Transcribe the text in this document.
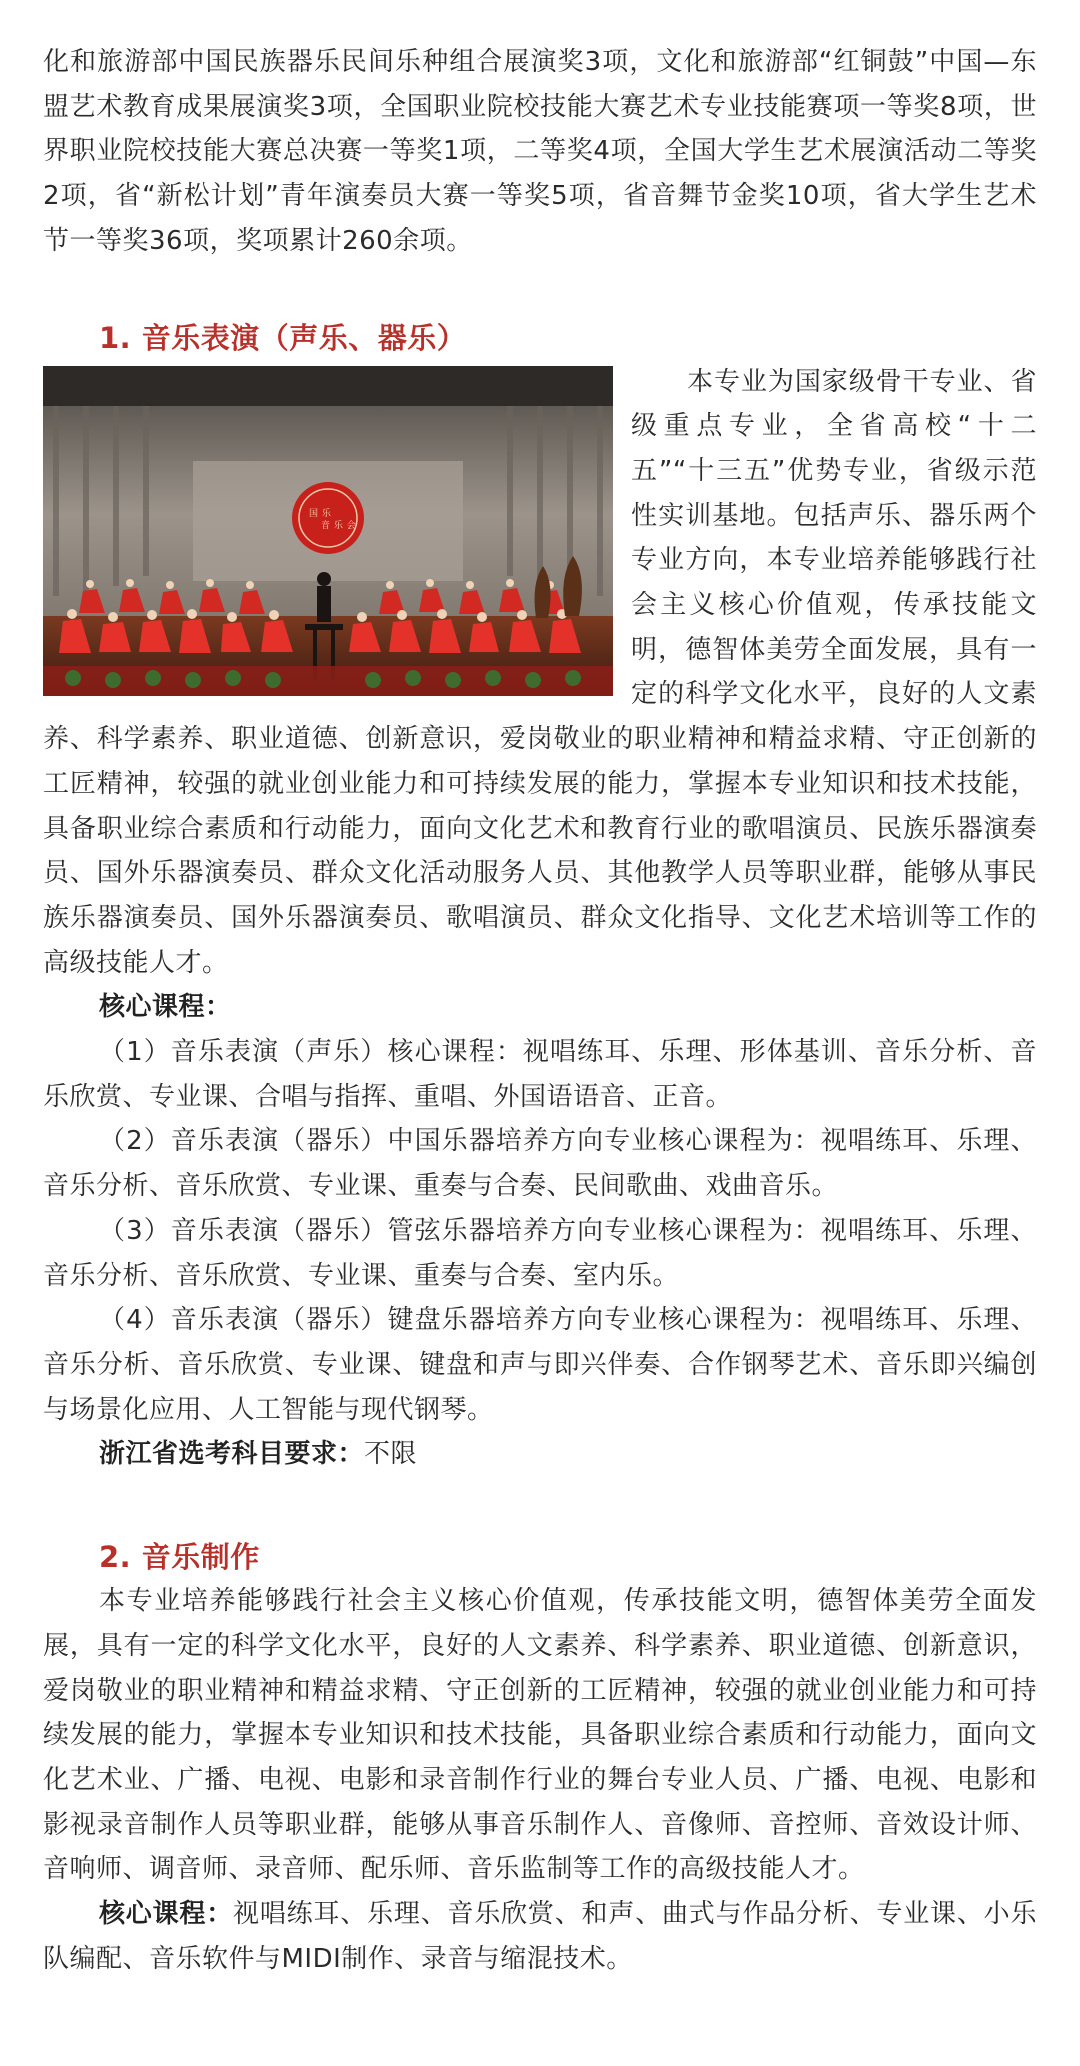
化和旅游部中国民族器乐民间乐种组合展演奖3项，文化和旅游部“红铜鼓”中国—东盟艺术教育成果展演奖3项，全国职业院校技能大赛艺术专业技能赛项一等奖8项，世界职业院校技能大赛总决赛一等奖1项，二等奖4项，全国大学生艺术展演活动二等奖2项，省“新松计划”青年演奏员大赛一等奖5项，省音舞节金奖10项，省大学生艺术节一等奖36项，奖项累计260余项。

1. 音乐表演（声乐、器乐）

国 乐
音 乐 会
本专业为国家级骨干专业、省级重点专业，全省高校“十二五”“十三五”优势专业，省级示范性实训基地。包括声乐、器乐两个专业方向，本专业培养能够践行社会主义核心价值观，传承技能文明，德智体美劳全面发展，具有一定的科学文化水平，良好的人文素养、科学素养、职业道德、创新意识，爱岗敬业的职业精神和精益求精、守正创新的工匠精神，较强的就业创业能力和可持续发展的能力，掌握本专业知识和技术技能，具备职业综合素质和行动能力，面向文化艺术和教育行业的歌唱演员、民族乐器演奏员、国外乐器演奏员、群众文化活动服务人员、其他教学人员等职业群，能够从事民族乐器演奏员、国外乐器演奏员、歌唱演员、群众文化指导、文化艺术培训等工作的高级技能人才。

核心课程：

（1）音乐表演（声乐）核心课程：视唱练耳、乐理、形体基训、音乐分析、音乐欣赏、专业课、合唱与指挥、重唱、外国语语音、正音。

（2）音乐表演（器乐）中国乐器培养方向专业核心课程为：视唱练耳、乐理、音乐分析、音乐欣赏、专业课、重奏与合奏、民间歌曲、戏曲音乐。

（3）音乐表演（器乐）管弦乐器培养方向专业核心课程为：视唱练耳、乐理、音乐分析、音乐欣赏、专业课、重奏与合奏、室内乐。

（4）音乐表演（器乐）键盘乐器培养方向专业核心课程为：视唱练耳、乐理、音乐分析、音乐欣赏、专业课、键盘和声与即兴伴奏、合作钢琴艺术、音乐即兴编创与场景化应用、人工智能与现代钢琴。

浙江省选考科目要求：不限

2. 音乐制作

本专业培养能够践行社会主义核心价值观，传承技能文明，德智体美劳全面发展，具有一定的科学文化水平，良好的人文素养、科学素养、职业道德、创新意识，爱岗敬业的职业精神和精益求精、守正创新的工匠精神，较强的就业创业能力和可持续发展的能力，掌握本专业知识和技术技能，具备职业综合素质和行动能力，面向文化艺术业、广播、电视、电影和录音制作行业的舞台专业人员、广播、电视、电影和影视录音制作人员等职业群，能够从事音乐制作人、音像师、音控师、音效设计师、音响师、调音师、录音师、配乐师、音乐监制等工作的高级技能人才。

核心课程：视唱练耳、乐理、音乐欣赏、和声、曲式与作品分析、专业课、小乐队编配、音乐软件与MIDI制作、录音与缩混技术。
